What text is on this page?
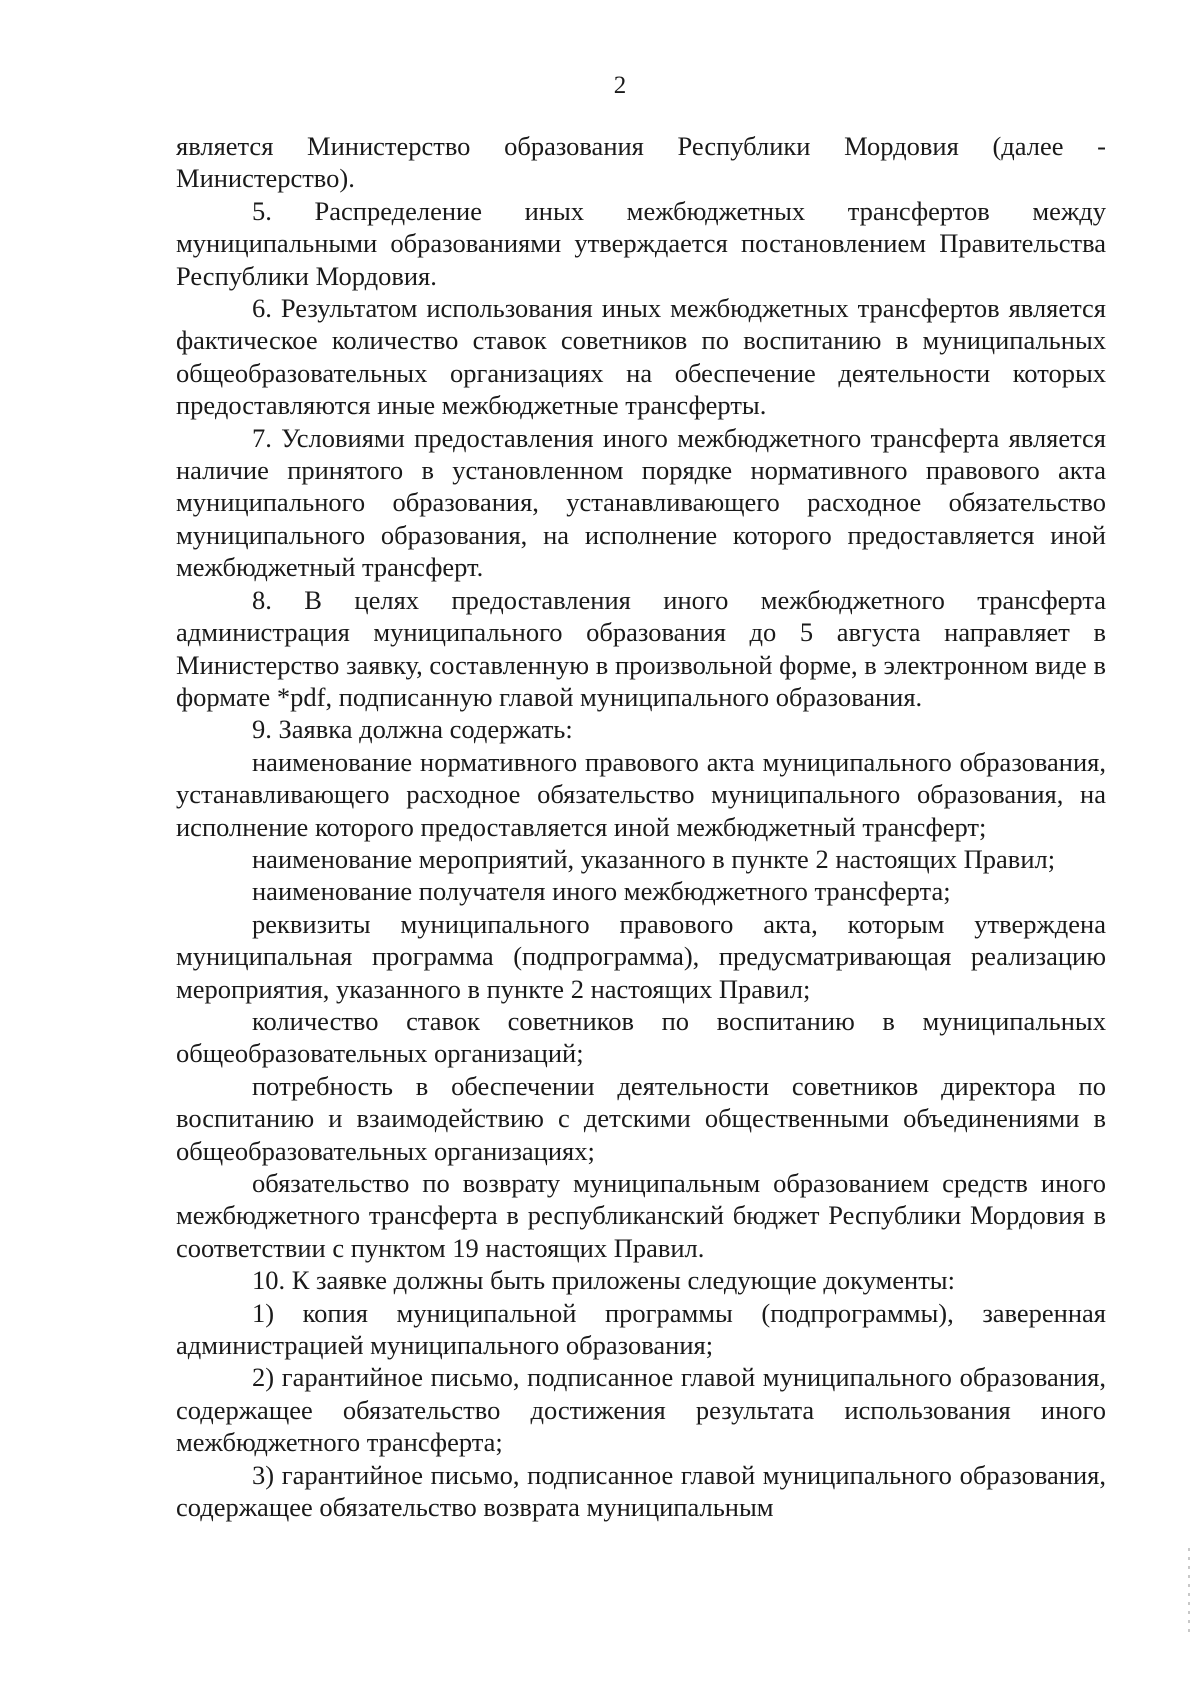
2

является Министерство образования Республики Мордовия (далее - Министерство).

5. Распределение иных межбюджетных трансфертов между муниципальными образованиями утверждается постановлением Правительства Республики Мордовия.

6. Результатом использования иных межбюджетных трансфертов является фактическое количество ставок советников по воспитанию в муниципальных общеобразовательных организациях на обеспечение деятельности которых предоставляются иные межбюджетные трансферты.

7. Условиями предоставления иного межбюджетного трансферта является наличие принятого в установленном порядке нормативного правового акта муниципального образования, устанавливающего расходное обязательство муниципального образования, на исполнение которого предоставляется иной межбюджетный трансферт.

8. В целях предоставления иного межбюджетного трансферта администрация муниципального образования до 5 августа направляет в Министерство заявку, составленную в произвольной форме, в электронном виде в формате *pdf, подписанную главой муниципального образования.

9. Заявка должна содержать:

наименование нормативного правового акта муниципального образования, устанавливающего расходное обязательство муниципального образования, на исполнение которого предоставляется иной межбюджетный трансферт;

наименование мероприятий, указанного в пункте 2 настоящих Правил;

наименование получателя иного межбюджетного трансферта;

реквизиты муниципального правового акта, которым утверждена муниципальная программа (подпрограмма), предусматривающая реализацию мероприятия, указанного в пункте 2 настоящих Правил;

количество ставок советников по воспитанию в муниципальных общеобразовательных организаций;

потребность в обеспечении деятельности советников директора по воспитанию и взаимодействию с детскими общественными объединениями в общеобразовательных организациях;

обязательство по возврату муниципальным образованием средств иного межбюджетного трансферта в республиканский бюджет Республики Мордовия в соответствии с пунктом 19 настоящих Правил.

10. К заявке должны быть приложены следующие документы:

1) копия муниципальной программы (подпрограммы), заверенная администрацией муниципального образования;

2) гарантийное письмо, подписанное главой муниципального образования, содержащее обязательство достижения результата использования иного межбюджетного трансферта;

3) гарантийное письмо, подписанное главой муниципального образования, содержащее обязательство возврата муниципальным
